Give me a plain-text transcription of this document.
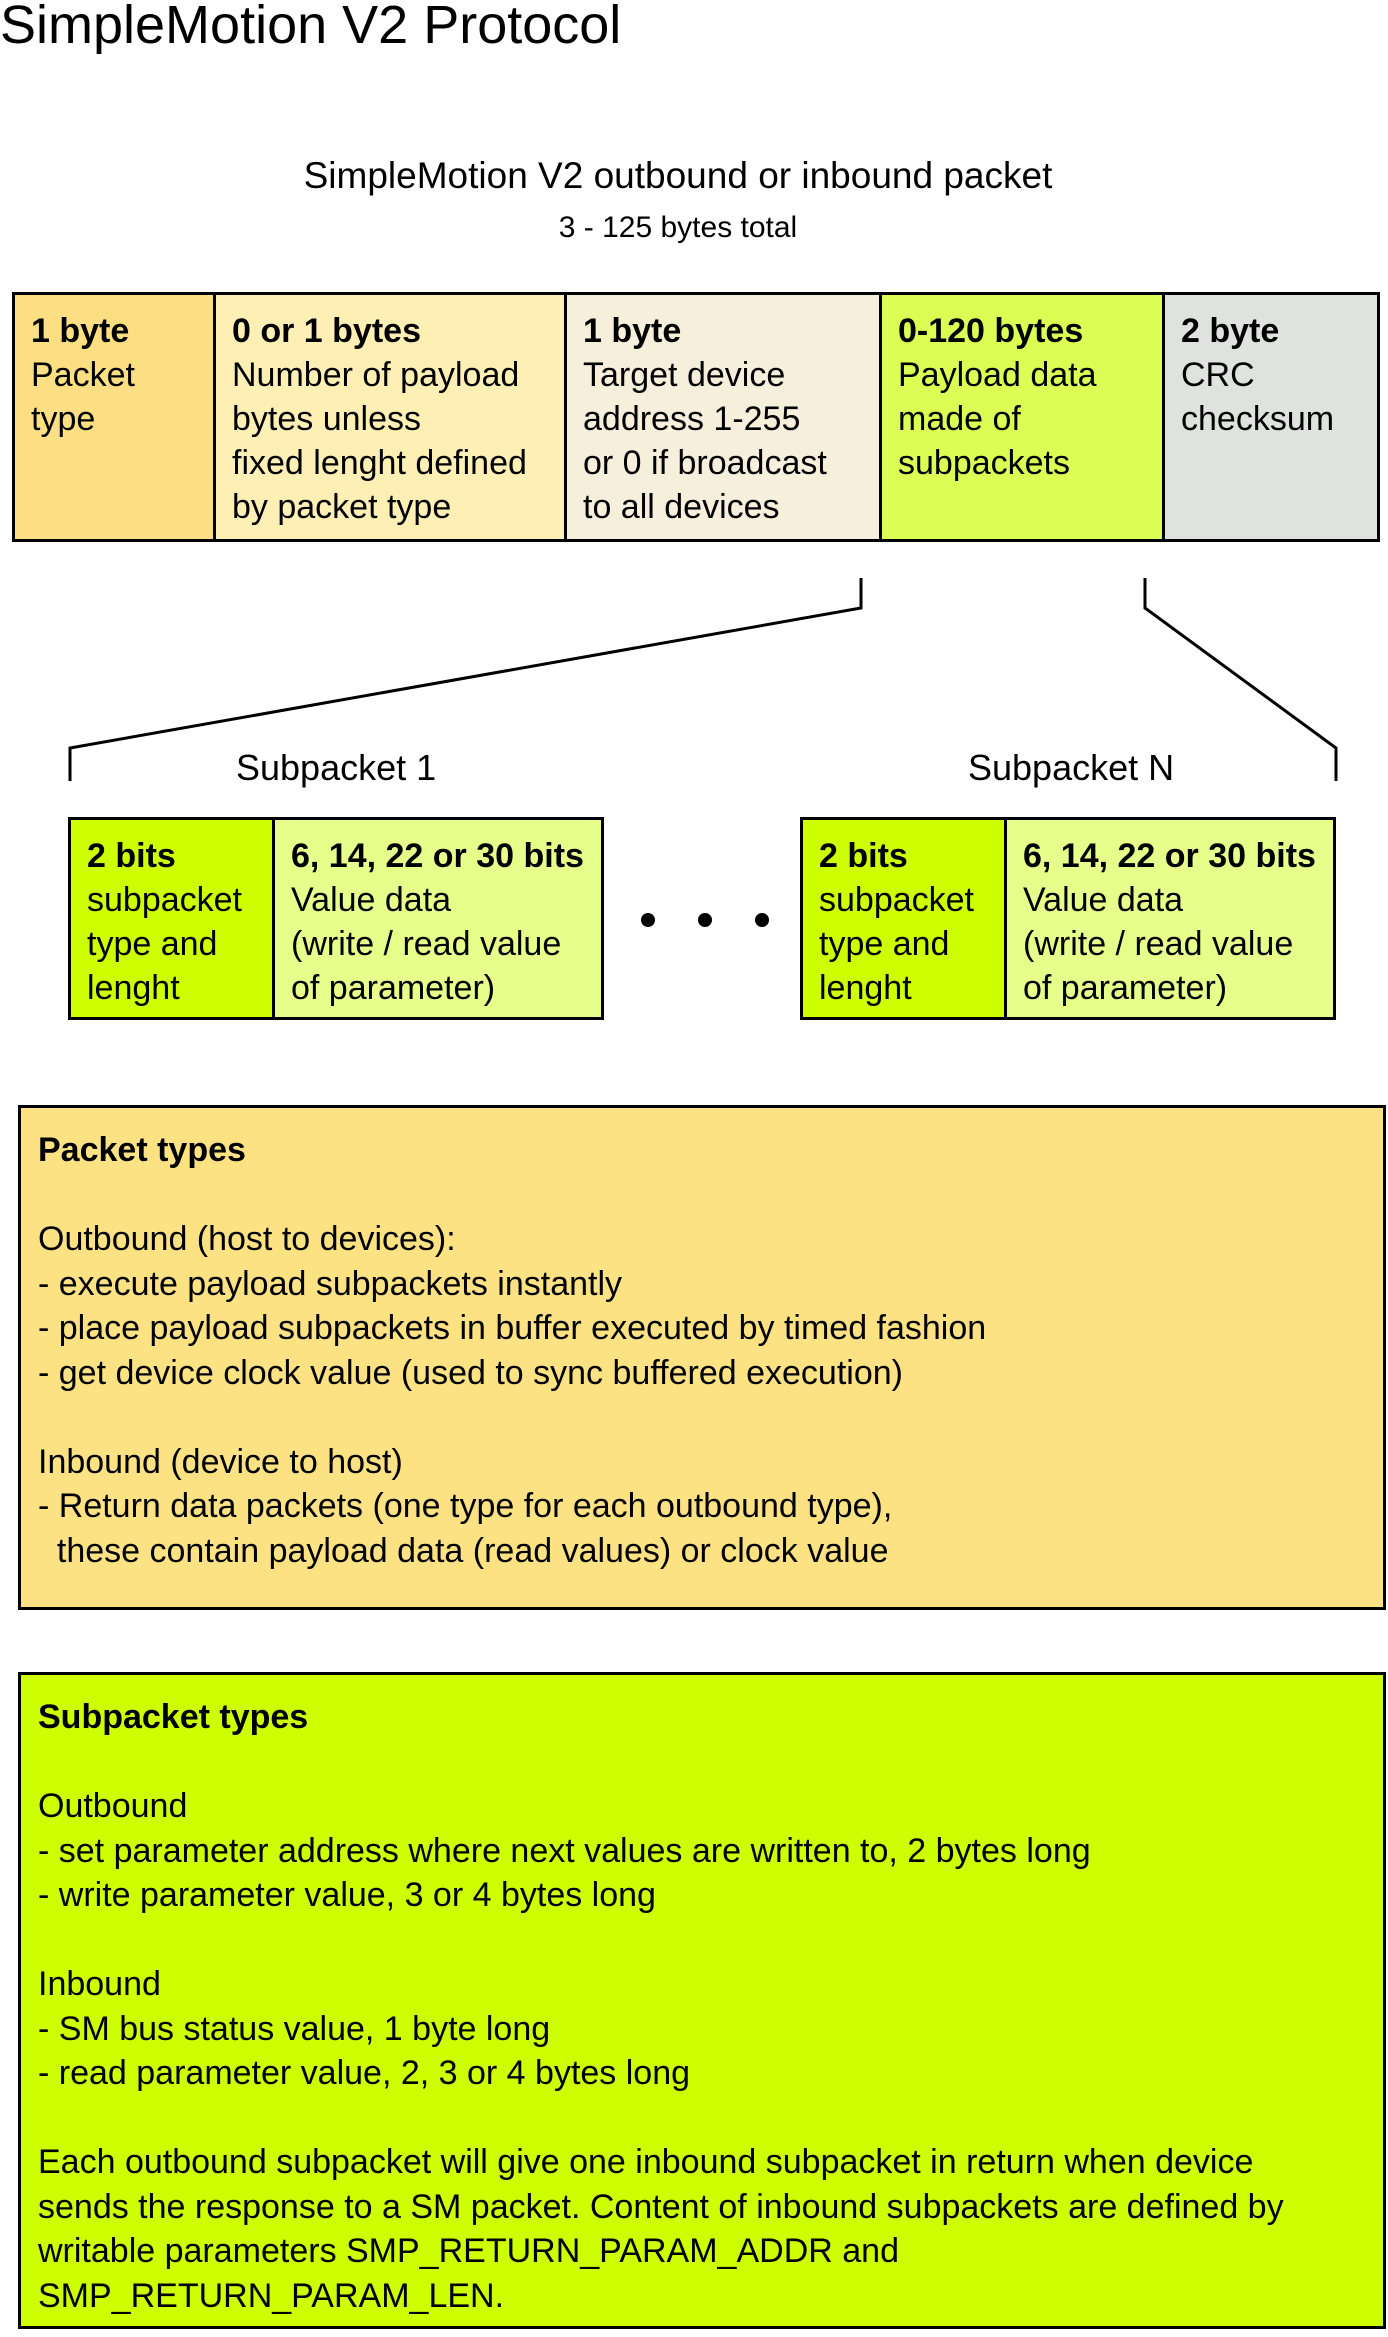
SimpleMotion V2 Protocol
SimpleMotion V2 outbound or inbound packet
3 - 125 bytes total
1 byte
Packet
type
0 or 1 bytes
Number of payload
bytes unless
fixed lenght defined
by packet type
1 byte
Target device
address 1-255
or 0 if broadcast
to all devices
0-120 bytes
Payload data
made of
subpackets
2 byte
CRC
checksum
Subpacket 1	Subpacket N
2 bits
subpacket
type and
lenght
6, 14, 22 or 30 bits
Value data
(write / read value
of parameter)
2 bits
subpacket
type and
lenght
6, 14, 22 or 30 bits
Value data
(write / read value
of parameter)
Packet types
Outbound (host to devices):
- execute payload subpackets instantly
- place payload subpackets in buffer executed by timed fashion
- get device clock value (used to sync buffered execution)
Inbound (device to host)
- Return data packets (one type for each outbound type),
these contain payload data (read values) or clock value
Subpacket types
Outbound
- set parameter address where next values are written to, 2 bytes long
- write parameter value, 3 or 4 bytes long
Inbound
- SM bus status value, 1 byte long
- read parameter value, 2, 3 or 4 bytes long
Each outbound subpacket will give one inbound subpacket in return when device
sends the response to a SM packet. Content of inbound subpackets are defined by
writable parameters SMP_RETURN_PARAM_ADDR and
SMP_RETURN_PARAM_LEN.
